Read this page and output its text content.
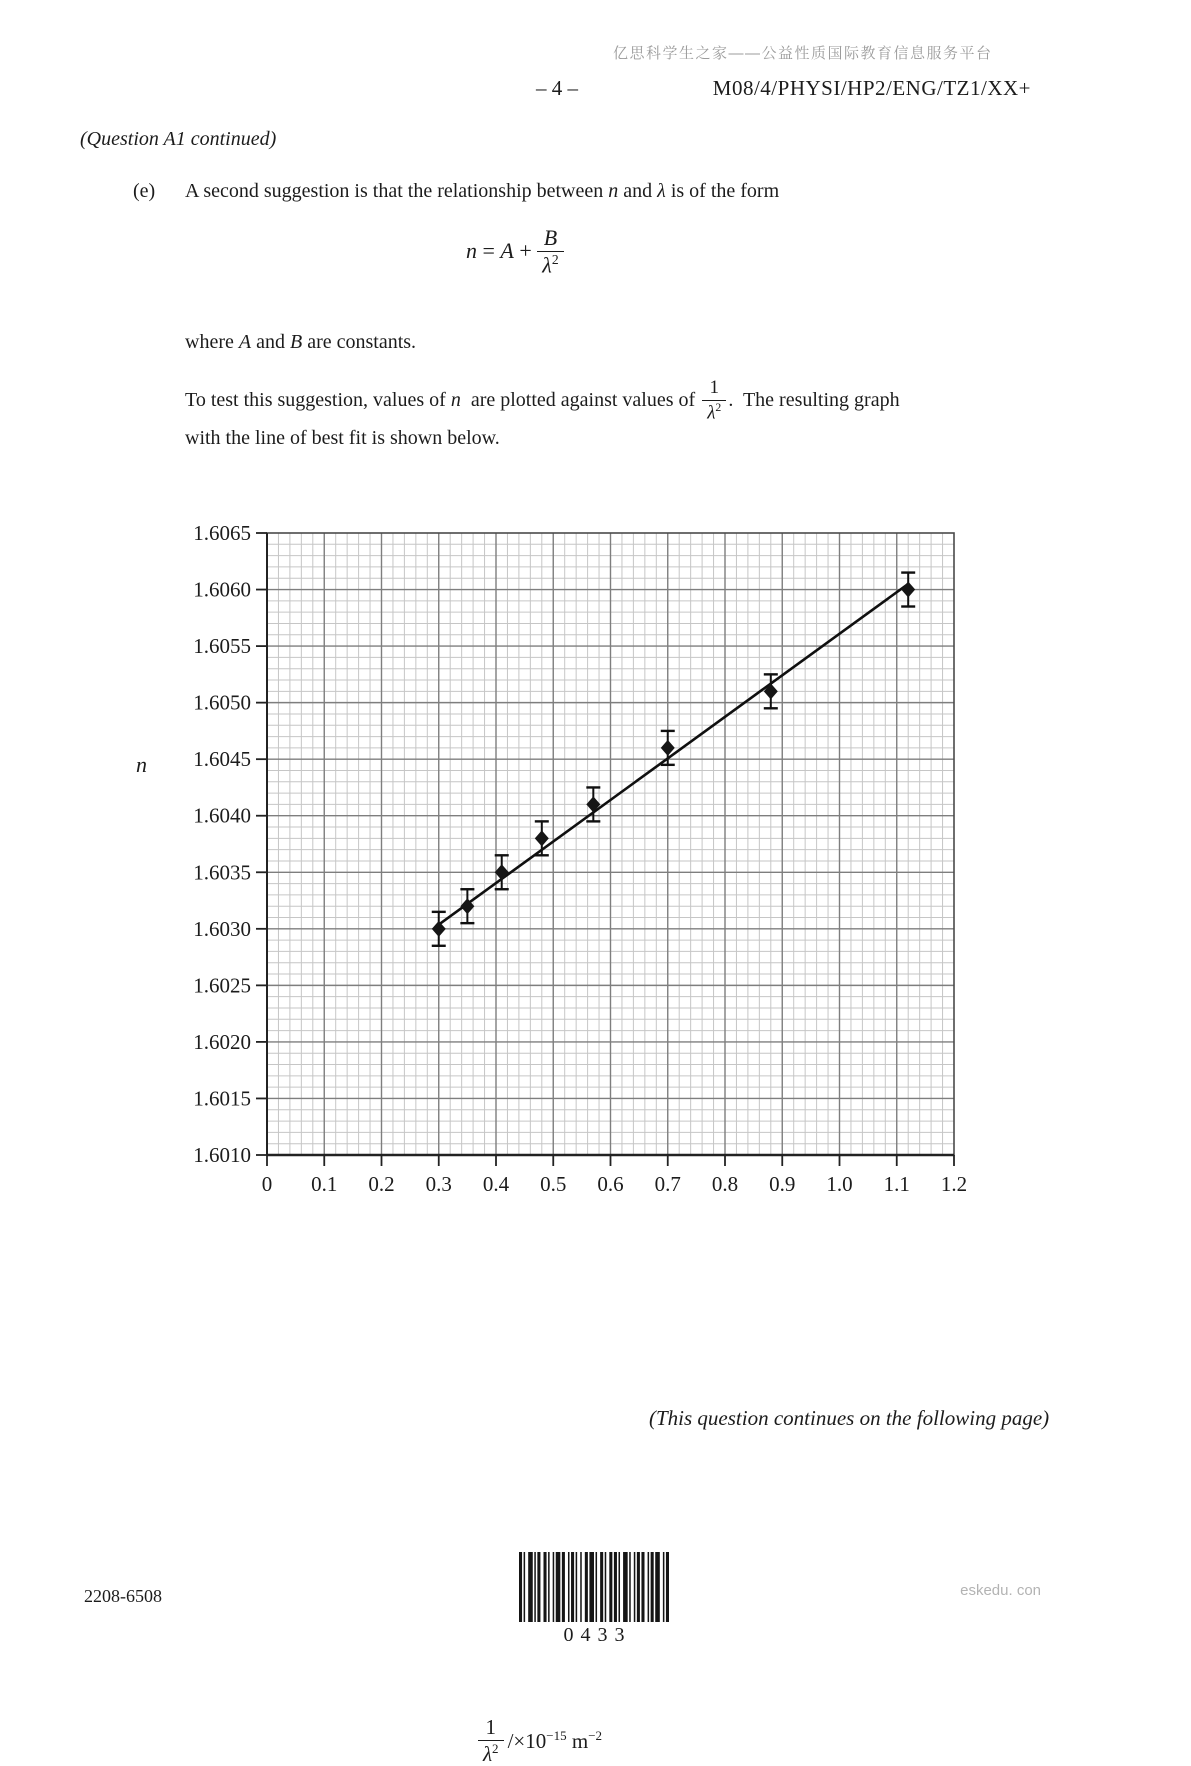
亿思科学生之家——公益性质国际教育信息服务平台
– 4 –	M08/4/PHYSI/HP2/ENG/TZ1/XX+
(Question A1 continued)
(e)	A second suggestion is that the relationship between n and λ is of the form
$n = A + \frac{B}{\lambda^2}$
where A and B are constants.
To test this suggestion, values of n are plotted against values of $\frac{1}{\lambda^2}$ .  The resulting graph
with the line of best fit is shown below.
1.6065
1.6060
1.6055
1.6050
1.6045
1.6040
1.6035
1.6030
1.6025
1.6020
1.6015
1.6010
0 0.1 0.2 0.3 0.4 0.5 0.6 0.7 0.8 0.9 1.0 1.1 1.2
n
$\frac{1}{\lambda^2} /\times 10^{-15}$ $m^{-2}$
(This question continues on the following page)
2208-6508
0433
eskedu. con
